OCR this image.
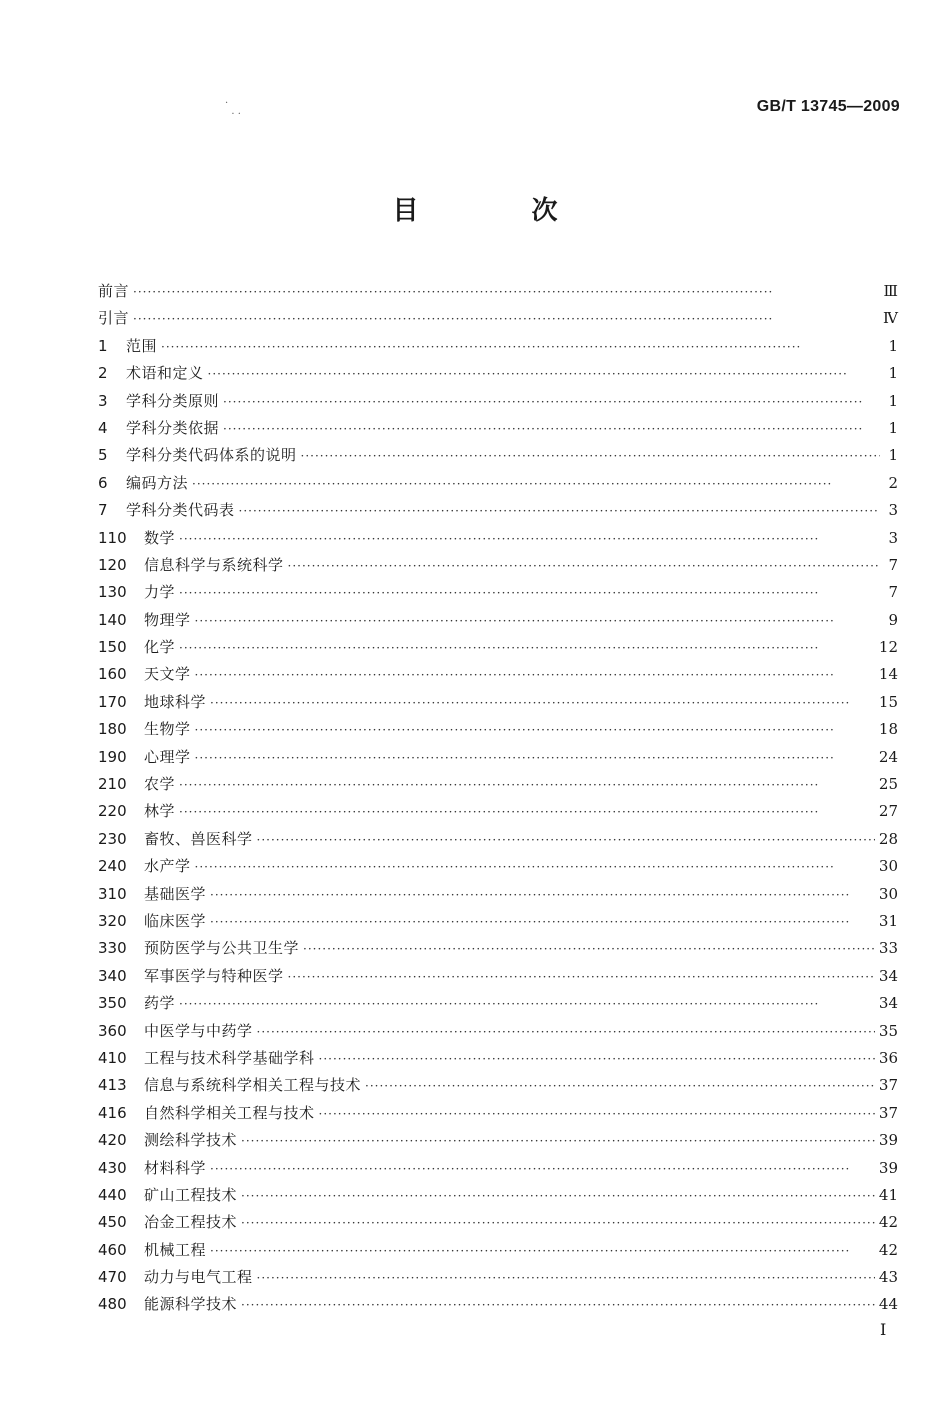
GB/T 13745—2009
·
· ·
目 次
前言 ·····	Ⅲ
引言 ·····	Ⅳ
1	范围 ·····	1
2	术语和定义 ·····	1
3	学科分类原则 ·····	1
4	学科分类依据 ·····	1
5	学科分类代码体系的说明 ·····	1
6	编码方法 ·····	2
7	学科分类代码表 ·····	3
110	数学 ·····	3
120	信息科学与系统科学 ·····	7
130	力学 ·····	7
140	物理学 ·····	9
150	化学 ·····	12
160	天文学 ·····	14
170	地球科学 ·····	15
180	生物学 ·····	18
190	心理学 ·····	24
210	农学 ·····	25
220	林学 ·····	27
230	畜牧、兽医科学 ·····	28
240	水产学 ·····	30
310	基础医学 ·····	30
320	临床医学 ·····	31
330	预防医学与公共卫生学 ·····	33
340	军事医学与特种医学 ·····	34
350	药学 ·····	34
360	中医学与中药学 ·····	35
410	工程与技术科学基础学科 ·····	36
413	信息与系统科学相关工程与技术 ·····	37
416	自然科学相关工程与技术 ·····	37
420	测绘科学技术 ·····	39
430	材料科学 ·····	39
440	矿山工程技术 ·····	41
450	冶金工程技术 ·····	42
460	机械工程 ·····	42
470	动力与电气工程 ·····	43
480	能源科学技术 ·····	44
I
